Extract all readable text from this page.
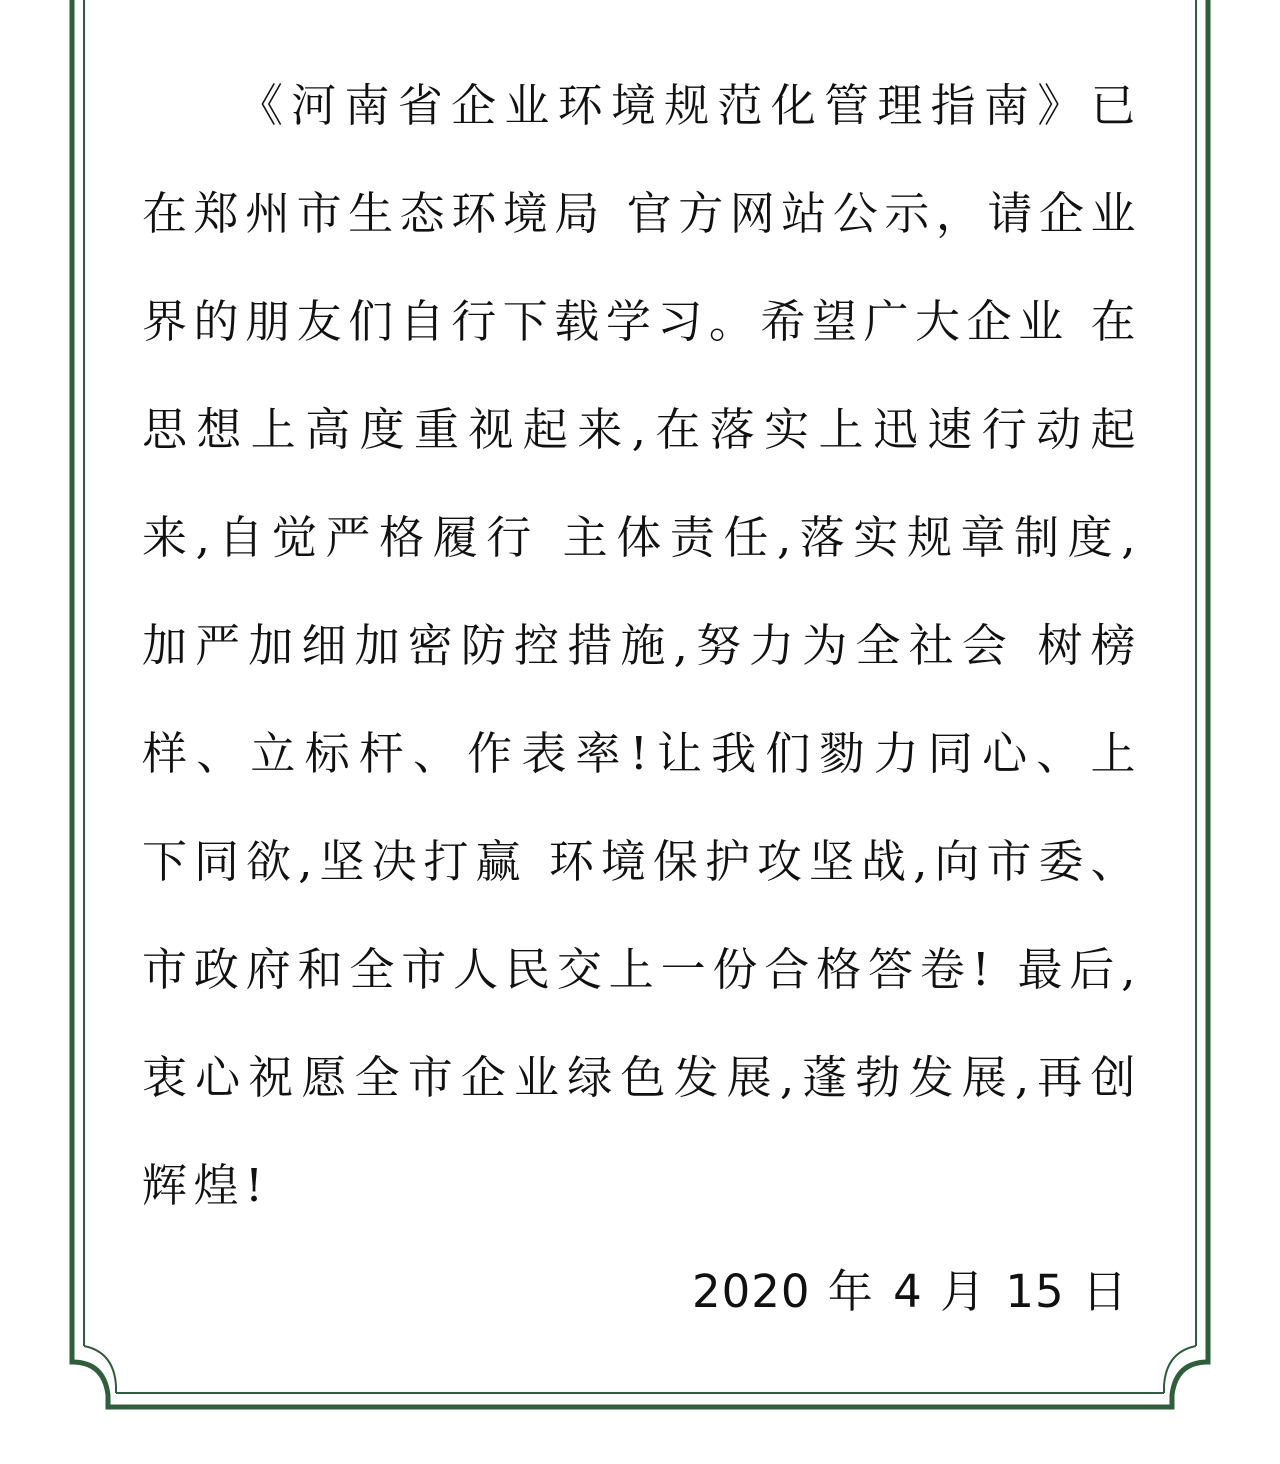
《河南省企业环境规范化管理指南》已在郑州市生态环境局 官方网站公示，请企业界的朋友们自行下载学习。希望广大企业 在思想上高度重视起来,在落实上迅速行动起来,自觉严格履行 主体责任,落实规章制度,加严加细加密防控措施,努力为全社会 树榜样、立标杆、作表率!让我们勠力同心、上下同欲,坚决打赢 环境保护攻坚战,向市委、市政府和全市人民交上一份合格答卷! 最后,衷心祝愿全市企业绿色发展,蓬勃发展,再创辉煌!

2020 年 4 月 15 日
